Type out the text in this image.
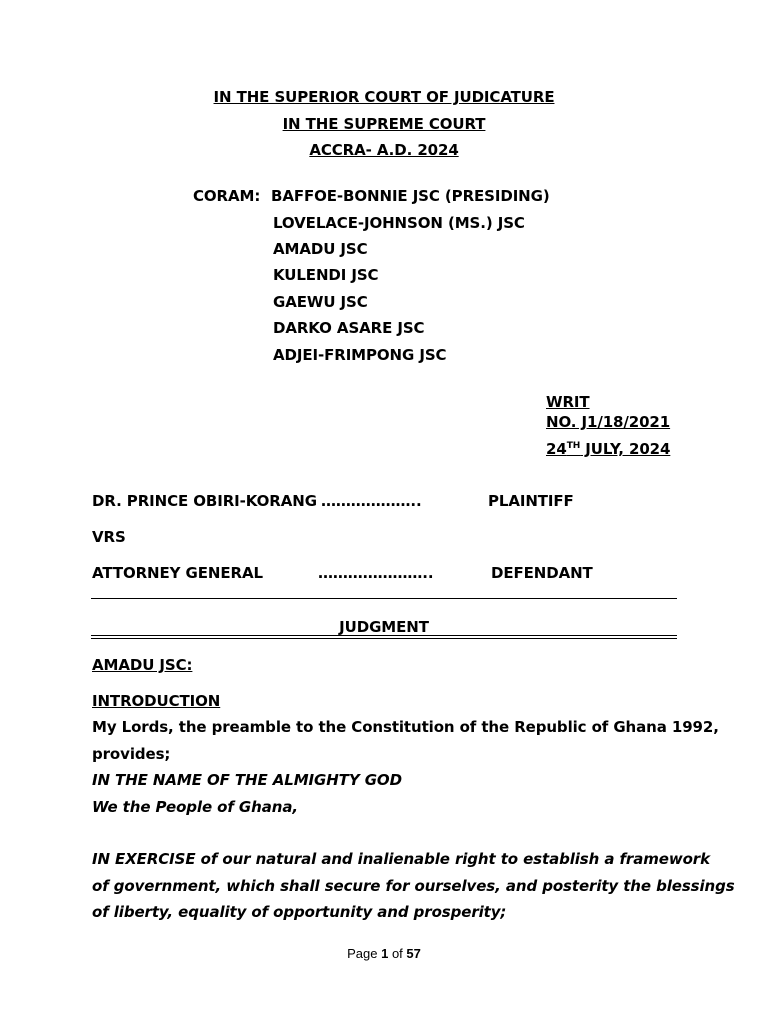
IN THE SUPERIOR COURT OF JUDICATURE
IN THE SUPREME COURT
ACCRA- A.D. 2024
CORAM: BAFFOE-BONNIE JSC (PRESIDING)
LOVELACE-JOHNSON (MS.) JSC
AMADU JSC
KULENDI JSC
GAEWU JSC
DARKO ASARE JSC
ADJEI-FRIMPONG JSC
WRIT
NO. J1/18/2021
24TH JULY, 2024
DR. PRINCE OBIRI-KORANG ………………..	PLAINTIFF
VRS
ATTORNEY GENERAL	…………………..	DEFENDANT
JUDGMENT
AMADU JSC:
INTRODUCTION
My Lords, the preamble to the Constitution of the Republic of Ghana 1992,
provides;
IN THE NAME OF THE ALMIGHTY GOD
We the People of Ghana,
IN EXERCISE of our natural and inalienable right to establish a framework
of government, which shall secure for ourselves, and posterity the blessings
of liberty, equality of opportunity and prosperity;
Page 1 of 57
